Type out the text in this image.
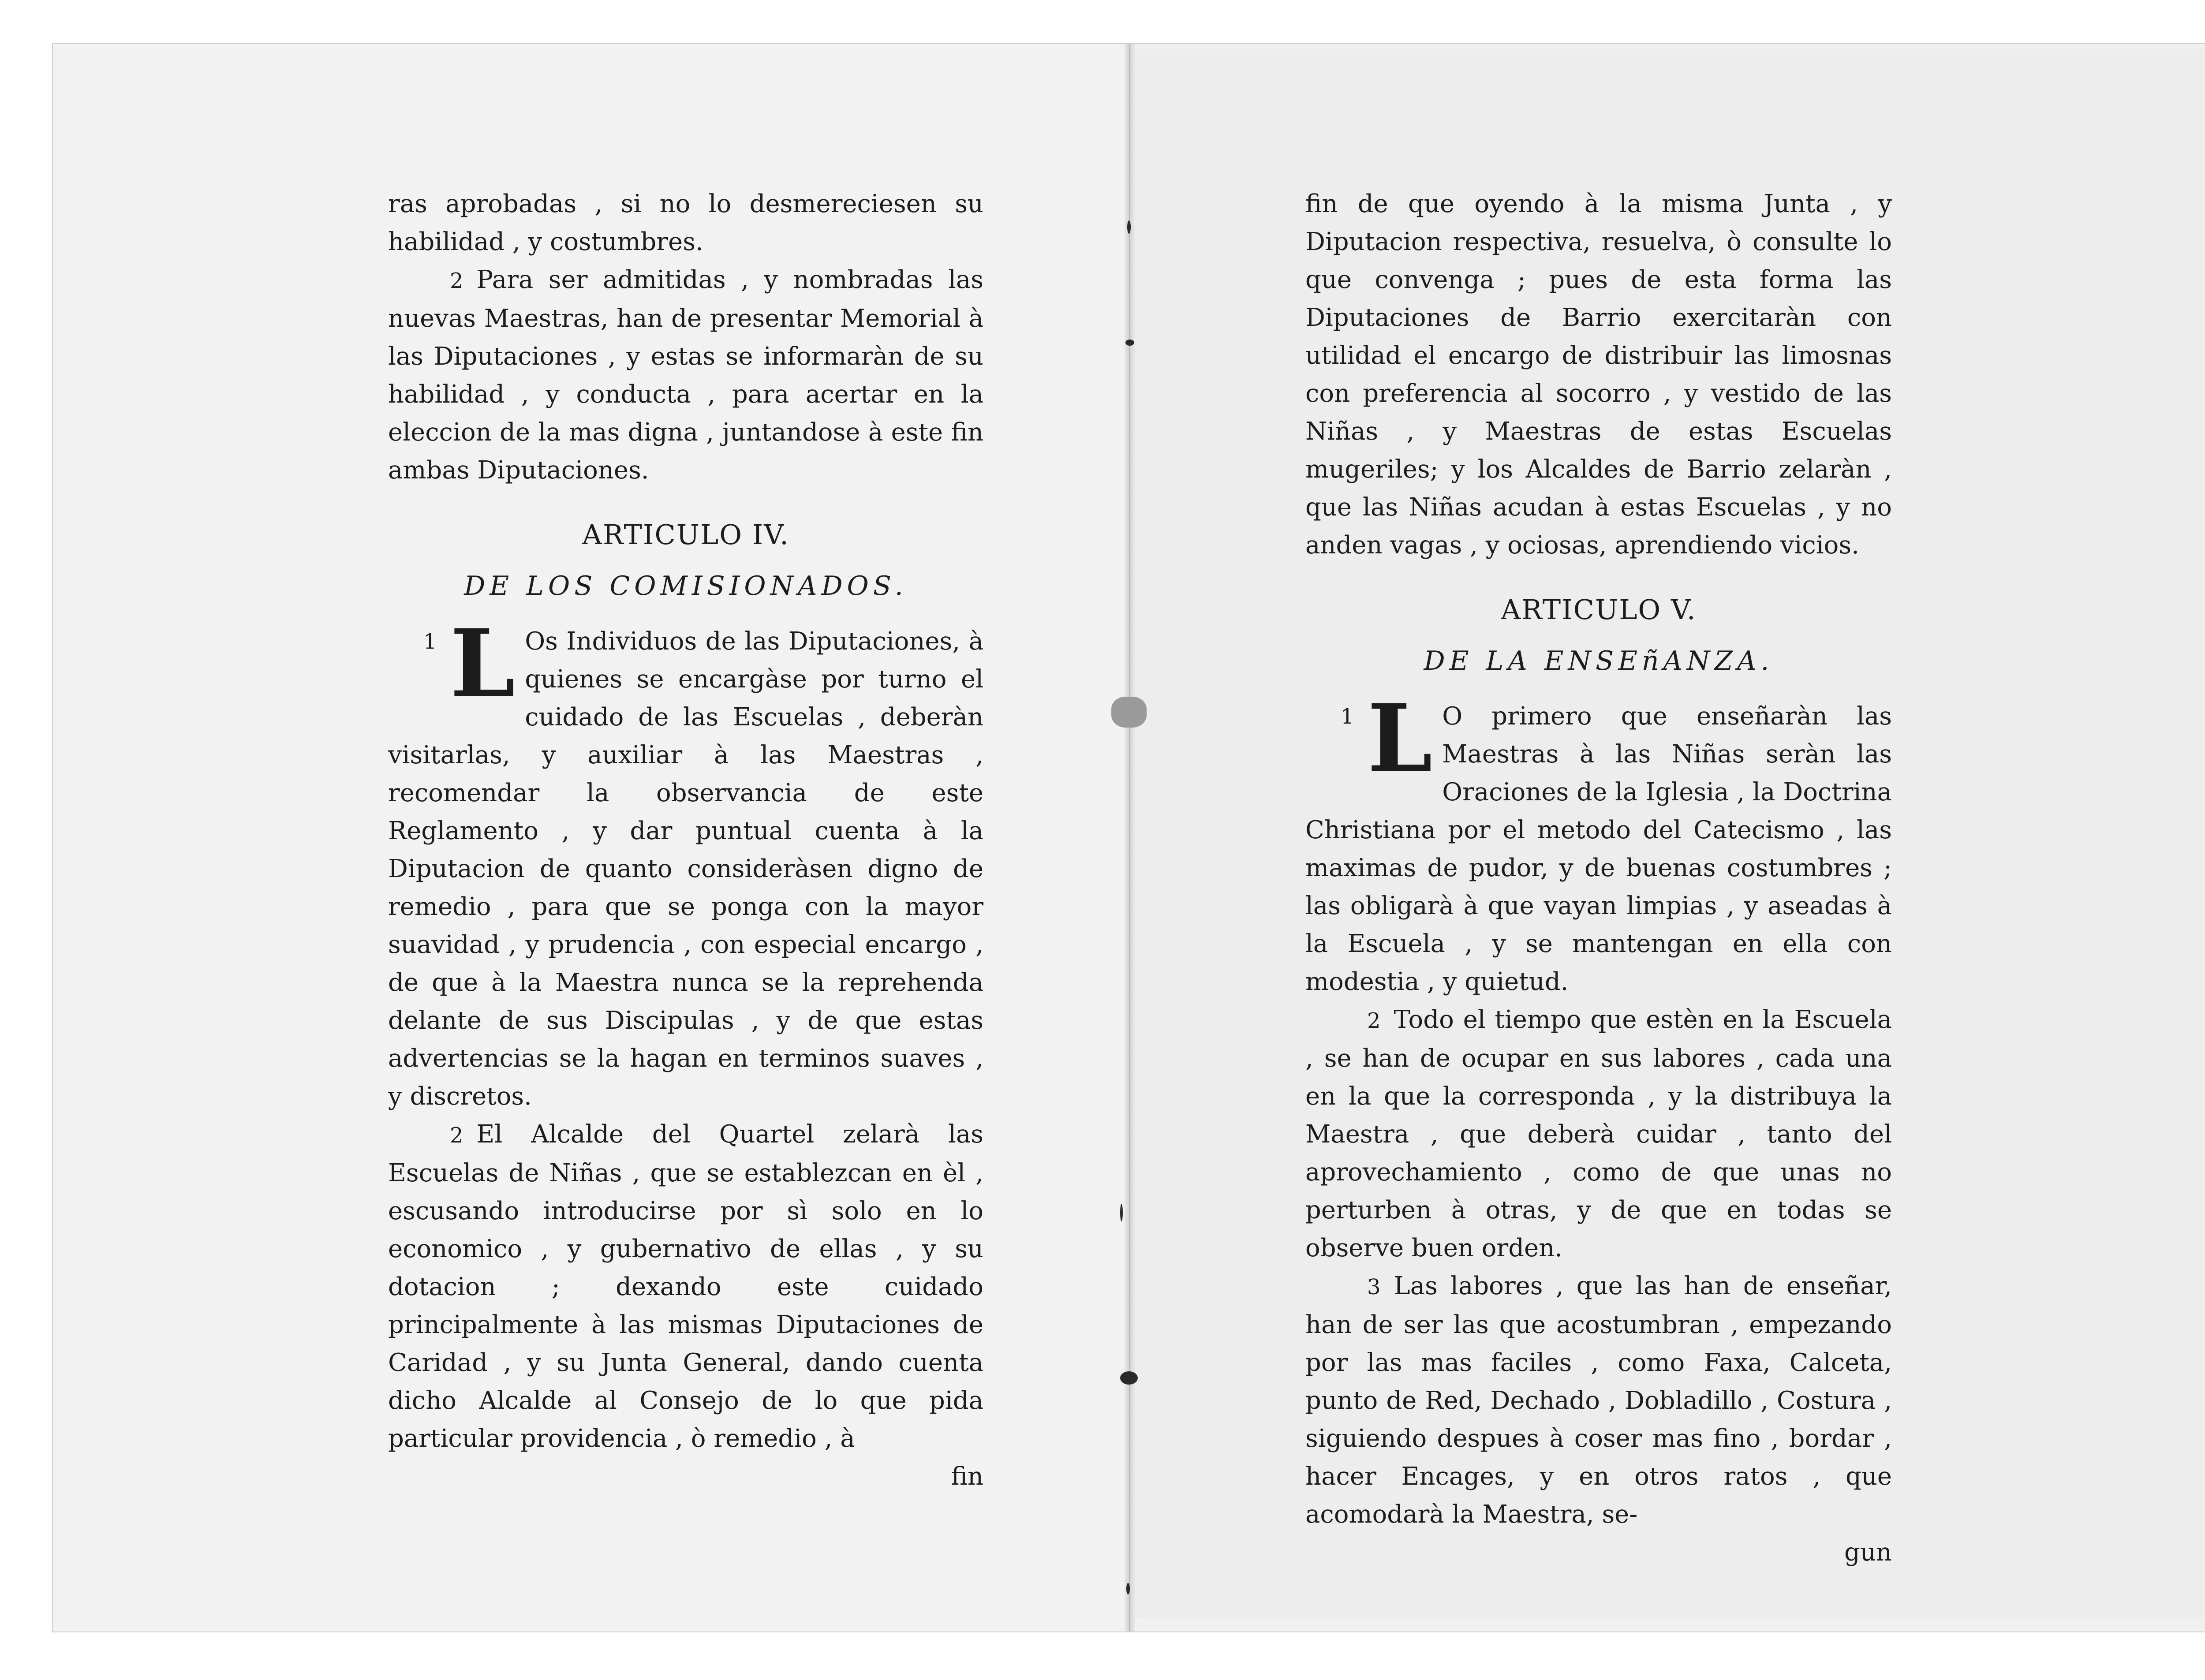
ras aprobadas , si no lo desmereciesen su habilidad , y costumbres.

2 Para ser admitidas , y nombradas las nuevas Maestras, han de presentar Memorial à las Diputaciones , y estas se informaràn de su habilidad , y conducta , para acertar en la eleccion de la mas digna , juntandose à este fin ambas Diputaciones.

ARTICULO IV.
DE LOS COMISIONADOS.

1 L Os Individuos de las Diputaciones, à quienes se encargàse por turno el cuidado de las Escuelas , deberàn visitarlas, y auxiliar à las Maestras , recomendar la observancia de este Reglamento , y dar puntual cuenta à la Diputacion de quanto consideràsen digno de remedio , para que se ponga con la mayor suavidad , y prudencia , con especial encargo , de que à la Maestra nunca se la reprehenda delante de sus Discipulas , y de que estas advertencias se la hagan en terminos suaves , y discretos.

2 El Alcalde del Quartel zelarà las Escuelas de Niñas , que se establezcan en èl , escusando introducirse por sì solo en lo economico , y gubernativo de ellas , y su dotacion ; dexando este cuidado principalmente à las mismas Diputaciones de Caridad , y su Junta General, dando cuenta dicho Alcalde al Consejo de lo que pida particular providencia , ò remedio , à

fin

fin de que oyendo à la misma Junta , y Diputacion respectiva, resuelva, ò consulte lo que convenga ; pues de esta forma las Diputaciones de Barrio exercitaràn con utilidad el encargo de distribuir las limosnas con preferencia al socorro , y vestido de las Niñas , y Maestras de estas Escuelas mugeriles; y los Alcaldes de Barrio zelaràn , que las Niñas acudan à estas Escuelas , y no anden vagas , y ociosas, aprendiendo vicios.

ARTICULO V.
DE LA ENSEñANZA.

1 L O primero que enseñaràn las Maestras à las Niñas seràn las Oraciones de la Iglesia , la Doctrina Christiana por el metodo del Catecismo , las maximas de pudor, y de buenas costumbres ; las obligarà à que vayan limpias , y aseadas à la Escuela , y se mantengan en ella con modestia , y quietud.

2 Todo el tiempo que estèn en la Escuela , se han de ocupar en sus labores , cada una en la que la corresponda , y la distribuya la Maestra , que deberà cuidar , tanto del aprovechamiento , como de que unas no perturben à otras, y de que en todas se observe buen orden.

3 Las labores , que las han de enseñar, han de ser las que acostumbran , empezando por las mas faciles , como Faxa, Calceta, punto de Red, Dechado , Dobladillo , Costura , siguiendo despues à coser mas fino , bordar , hacer Encages, y en otros ratos , que acomodarà la Maestra, se-

gun
